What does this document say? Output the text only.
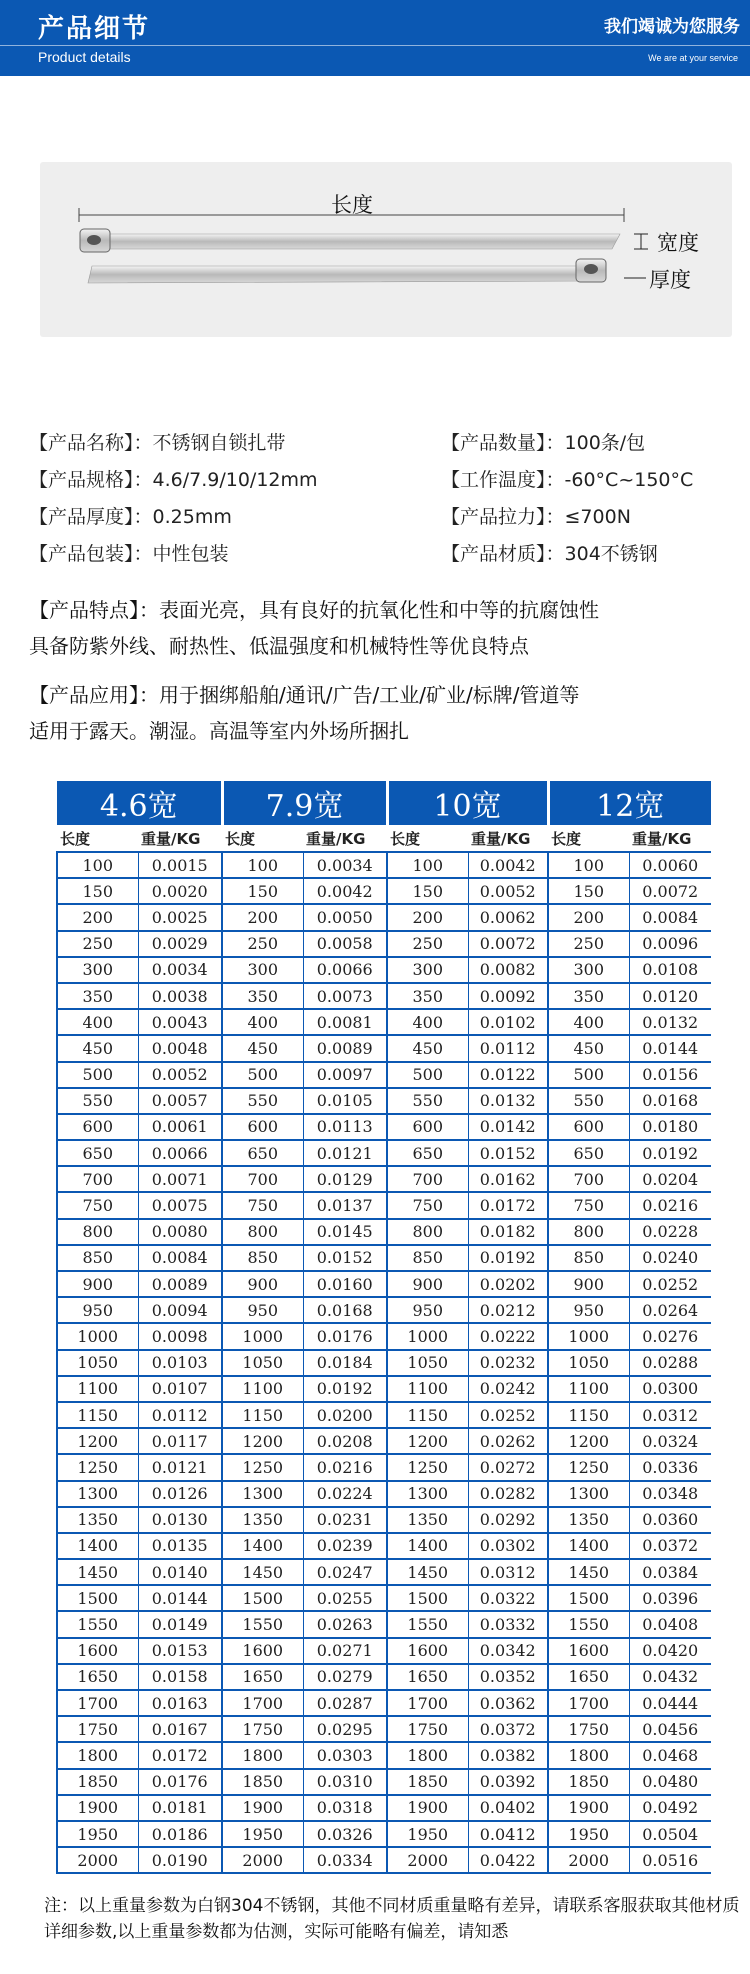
产品细节
Product details
我们竭诚为您服务
We are at your service
长度
宽度
厚度
【产品名称】：不锈钢自锁扎带	【产品数量】：100条/包
【产品规格】：4.6/7.9/10/12mm	【工作温度】：-60°C~150°C
【产品厚度】：0.25mm	【产品拉力】：≤700N
【产品包装】：中性包装	【产品材质】：304不锈钢
【产品特点】：表面光亮，具有良好的抗氧化性和中等的抗腐蚀性
具备防紫外线、耐热性、低温强度和机械特性等优良特点
【产品应用】：用于捆绑船舶/通讯/广告/工业/矿业/标牌/管道等
适用于露天。潮湿。高温等室内外场所捆扎
4.6宽		7.9宽		10宽		12宽	
长度	重量/KG	长度	重量/KG	长度	重量/KG	长度	重量/KG
100	0.0015	100	0.0034	100	0.0042	100	0.0060
150	0.0020	150	0.0042	150	0.0052	150	0.0072
200	0.0025	200	0.0050	200	0.0062	200	0.0084
250	0.0029	250	0.0058	250	0.0072	250	0.0096
300	0.0034	300	0.0066	300	0.0082	300	0.0108
350	0.0038	350	0.0073	350	0.0092	350	0.0120
400	0.0043	400	0.0081	400	0.0102	400	0.0132
450	0.0048	450	0.0089	450	0.0112	450	0.0144
500	0.0052	500	0.0097	500	0.0122	500	0.0156
550	0.0057	550	0.0105	550	0.0132	550	0.0168
600	0.0061	600	0.0113	600	0.0142	600	0.0180
650	0.0066	650	0.0121	650	0.0152	650	0.0192
700	0.0071	700	0.0129	700	0.0162	700	0.0204
750	0.0075	750	0.0137	750	0.0172	750	0.0216
800	0.0080	800	0.0145	800	0.0182	800	0.0228
850	0.0084	850	0.0152	850	0.0192	850	0.0240
900	0.0089	900	0.0160	900	0.0202	900	0.0252
950	0.0094	950	0.0168	950	0.0212	950	0.0264
1000	0.0098	1000	0.0176	1000	0.0222	1000	0.0276
1050	0.0103	1050	0.0184	1050	0.0232	1050	0.0288
1100	0.0107	1100	0.0192	1100	0.0242	1100	0.0300
1150	0.0112	1150	0.0200	1150	0.0252	1150	0.0312
1200	0.0117	1200	0.0208	1200	0.0262	1200	0.0324
1250	0.0121	1250	0.0216	1250	0.0272	1250	0.0336
1300	0.0126	1300	0.0224	1300	0.0282	1300	0.0348
1350	0.0130	1350	0.0231	1350	0.0292	1350	0.0360
1400	0.0135	1400	0.0239	1400	0.0302	1400	0.0372
1450	0.0140	1450	0.0247	1450	0.0312	1450	0.0384
1500	0.0144	1500	0.0255	1500	0.0322	1500	0.0396
1550	0.0149	1550	0.0263	1550	0.0332	1550	0.0408
1600	0.0153	1600	0.0271	1600	0.0342	1600	0.0420
1650	0.0158	1650	0.0279	1650	0.0352	1650	0.0432
1700	0.0163	1700	0.0287	1700	0.0362	1700	0.0444
1750	0.0167	1750	0.0295	1750	0.0372	1750	0.0456
1800	0.0172	1800	0.0303	1800	0.0382	1800	0.0468
1850	0.0176	1850	0.0310	1850	0.0392	1850	0.0480
1900	0.0181	1900	0.0318	1900	0.0402	1900	0.0492
1950	0.0186	1950	0.0326	1950	0.0412	1950	0.0504
2000	0.0190	2000	0.0334	2000	0.0422	2000	0.0516
注：以上重量参数为白钢304不锈钢，其他不同材质重量略有差异，请联系客服获取其他材质详细参数,以上重量参数都为估测，实际可能略有偏差，请知悉
